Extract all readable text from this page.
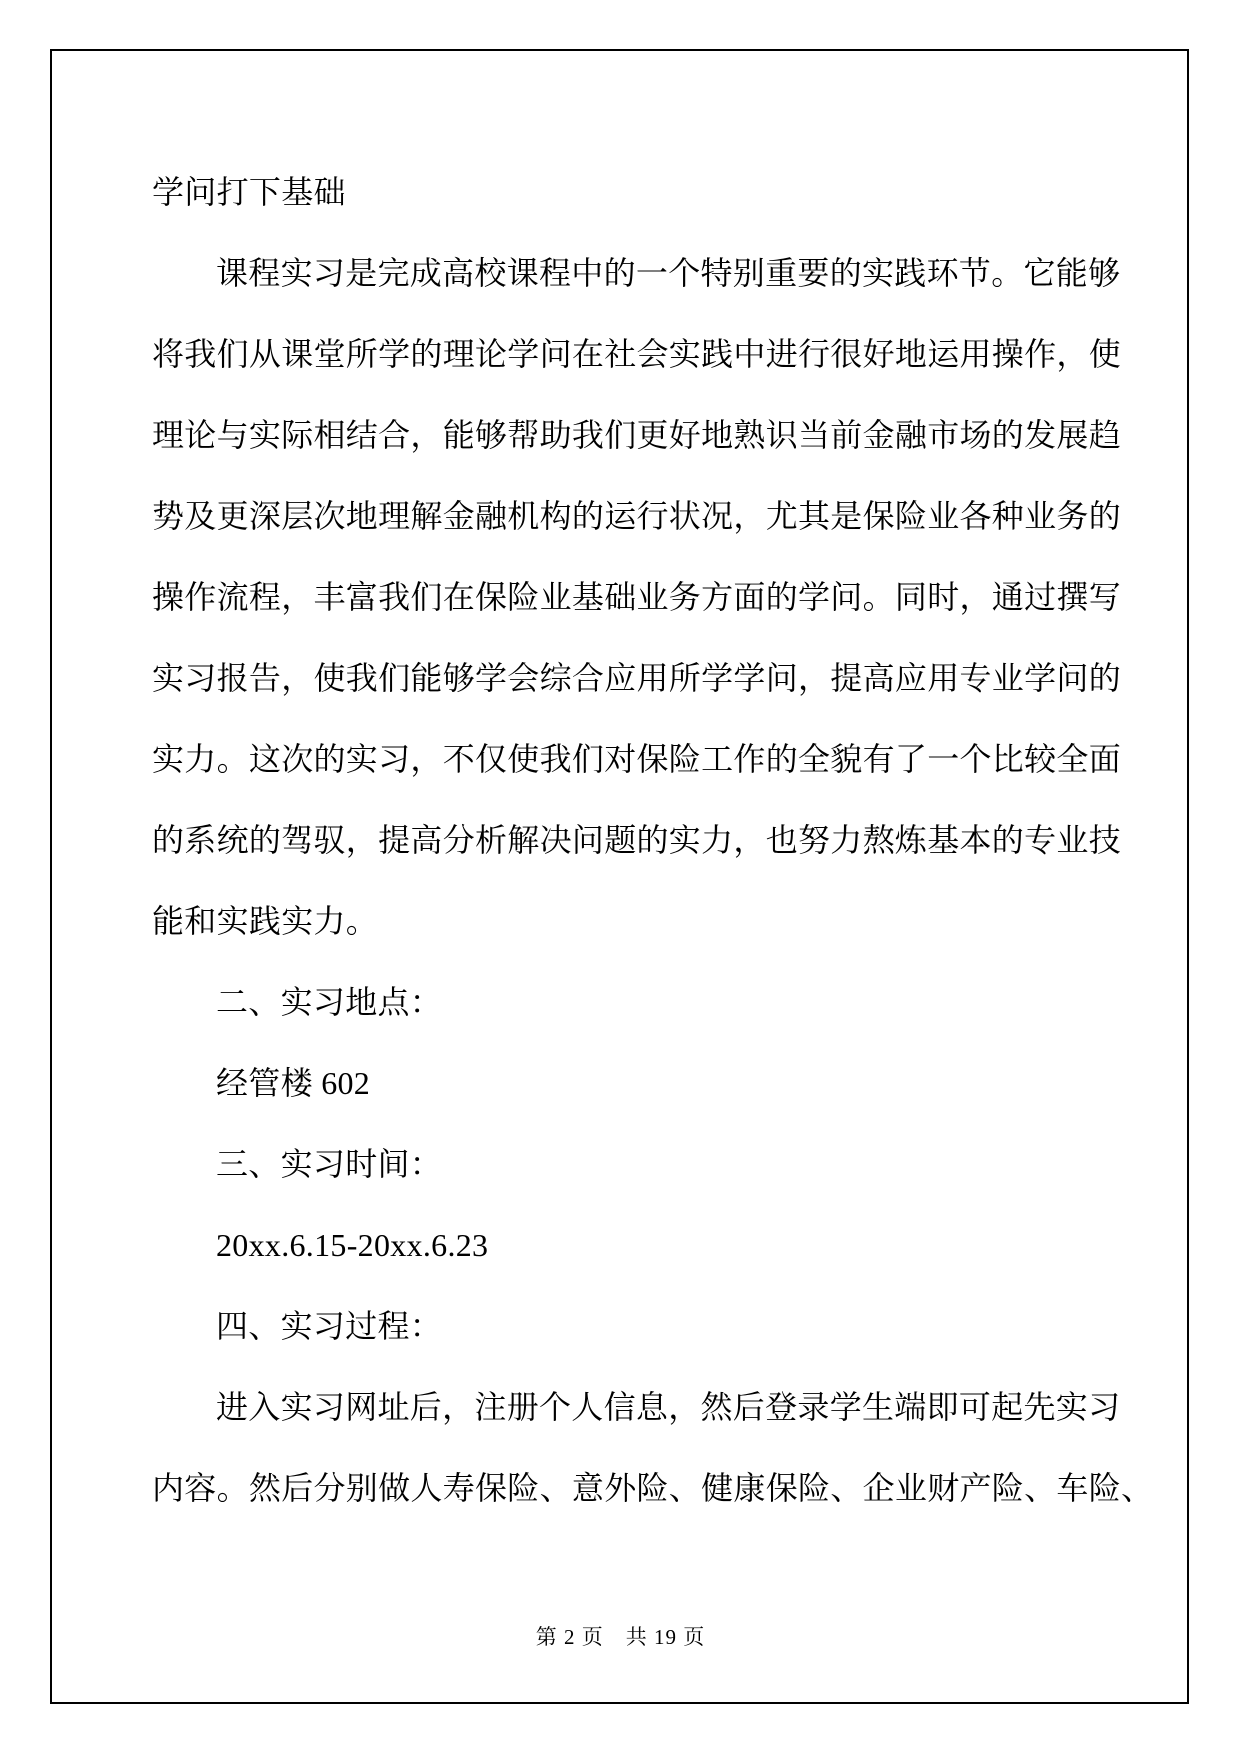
学问打下基础
课程实习是完成高校课程中的一个特别重要的实践环节。它能够
将我们从课堂所学的理论学问在社会实践中进行很好地运用操作，使
理论与实际相结合，能够帮助我们更好地熟识当前金融市场的发展趋
势及更深层次地理解金融机构的运行状况，尤其是保险业各种业务的
操作流程，丰富我们在保险业基础业务方面的学问。同时，通过撰写
实习报告，使我们能够学会综合应用所学学问，提高应用专业学问的
实力。这次的实习，不仅使我们对保险工作的全貌有了一个比较全面
的系统的驾驭，提高分析解决问题的实力，也努力熬炼基本的专业技
能和实践实力。
二、实习地点：
经管楼 602
三、实习时间：
20xx.6.15-20xx.6.23
四、实习过程：
进入实习网址后，注册个人信息，然后登录学生端即可起先实习
内容。然后分别做人寿保险、意外险、健康保险、企业财产险、车险、
第 2 页　共 19 页
